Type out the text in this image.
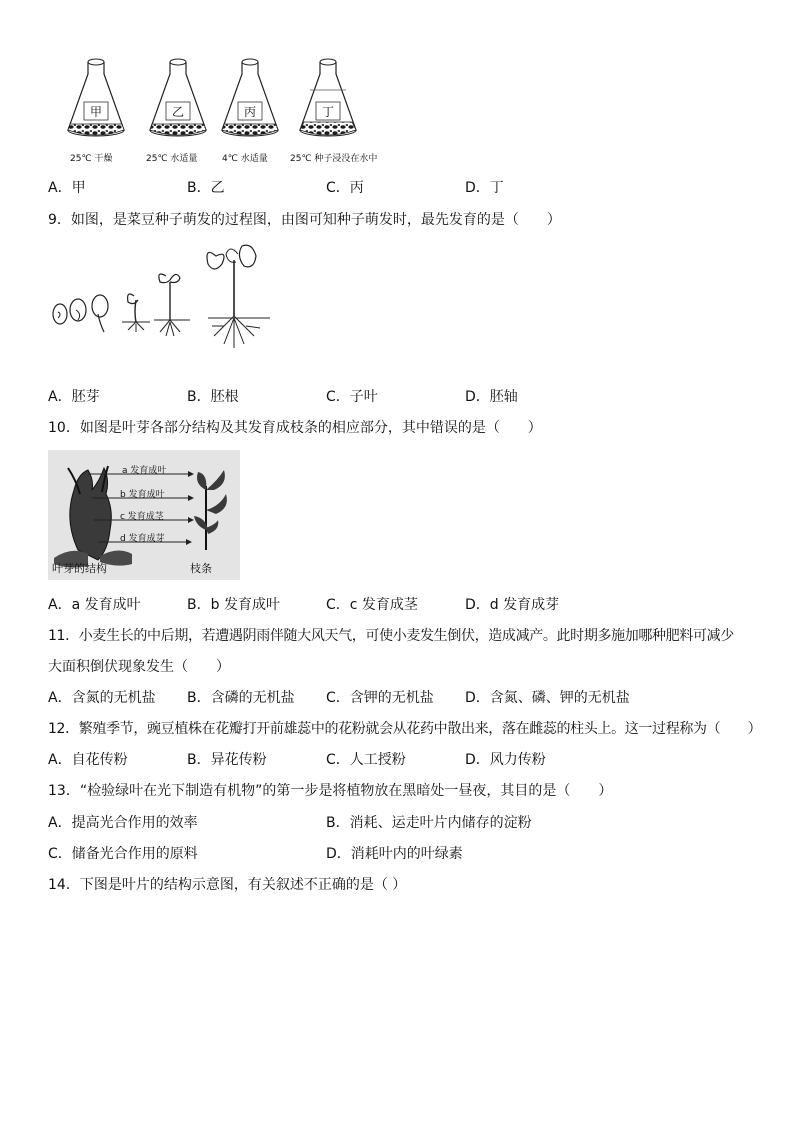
甲	乙	丙	丁
25℃ 干燥	25℃ 水适量	4℃ 水适量 25℃ 种子浸没在水中
A．甲	B．乙	C．丙	D．丁
9．如图，是菜豆种子萌发的过程图，由图可知种子萌发时，最先发育的是（　　）
A．胚芽	B．胚根	C．子叶	D．胚轴
10．如图是叶芽各部分结构及其发育成枝条的相应部分，其中错误的是（　　）
a 发育成叶
b 发育成叶
c 发育成茎
d 发育成芽
叶芽的结构	枝条
A．a 发育成叶	B．b 发育成叶	C．c 发育成茎	D．d 发育成芽
11．小麦生长的中后期，若遭遇阴雨伴随大风天气，可使小麦发生倒伏，造成减产。此时期多施加哪种肥料可减少
大面积倒伏现象发生（　　）
A．含氮的无机盐 B．含磷的无机盐 C．含钾的无机盐 D．含氮、磷、钾的无机盐
12．繁殖季节，豌豆植株在花瓣打开前雄蕊中的花粉就会从花药中散出来，落在雌蕊的柱头上。这一过程称为（　　）
A．自花传粉	B．异花传粉	C．人工授粉	D．风力传粉
13．“检验绿叶在光下制造有机物”的第一步是将植物放在黑暗处一昼夜，其目的是（　　）
A．提高光合作用的效率	B．消耗、运走叶片内储存的淀粉
C．储备光合作用的原料	D．消耗叶内的叶绿素
14．下图是叶片的结构示意图，有关叙述不正确的是（ ）
